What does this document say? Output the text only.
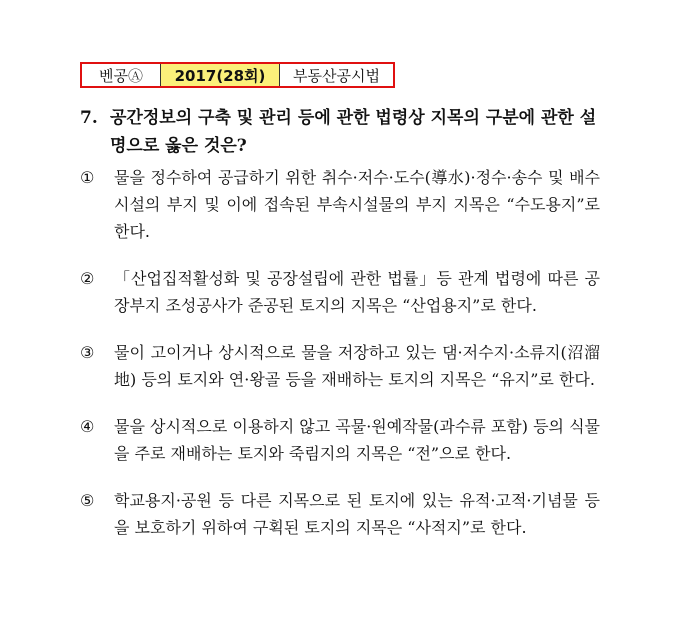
벤공Ⓐ	2017(28회)	부동산공시법
7. 공간정보의 구축 및 관리 등에 관한 법령상 지목의 구분에 관한 설명으로 옳은 것은?
①	물을 정수하여 공급하기 위한 취수·저수·도수(導水)·정수·송수 및 배수 시설의 부지 및 이에 접속된 부속시설물의 부지 지목은 “수도용지”로 한다.
②	「산업집적활성화 및 공장설립에 관한 법률」등 관계 법령에 따른 공장부지 조성공사가 준공된 토지의 지목은 “산업용지”로 한다.
③	물이 고이거나 상시적으로 물을 저장하고 있는 댐·저수지·소류지(沼溜地) 등의 토지와 연·왕골 등을 재배하는 토지의 지목은 “유지”로 한다.
④	물을 상시적으로 이용하지 않고 곡물·원예작물(과수류 포함) 등의 식물을 주로 재배하는 토지와 죽림지의 지목은 “전”으로 한다.
⑤	학교용지·공원 등 다른 지목으로 된 토지에 있는 유적·고적·기념물 등을 보호하기 위하여 구획된 토지의 지목은 “사적지”로 한다.
